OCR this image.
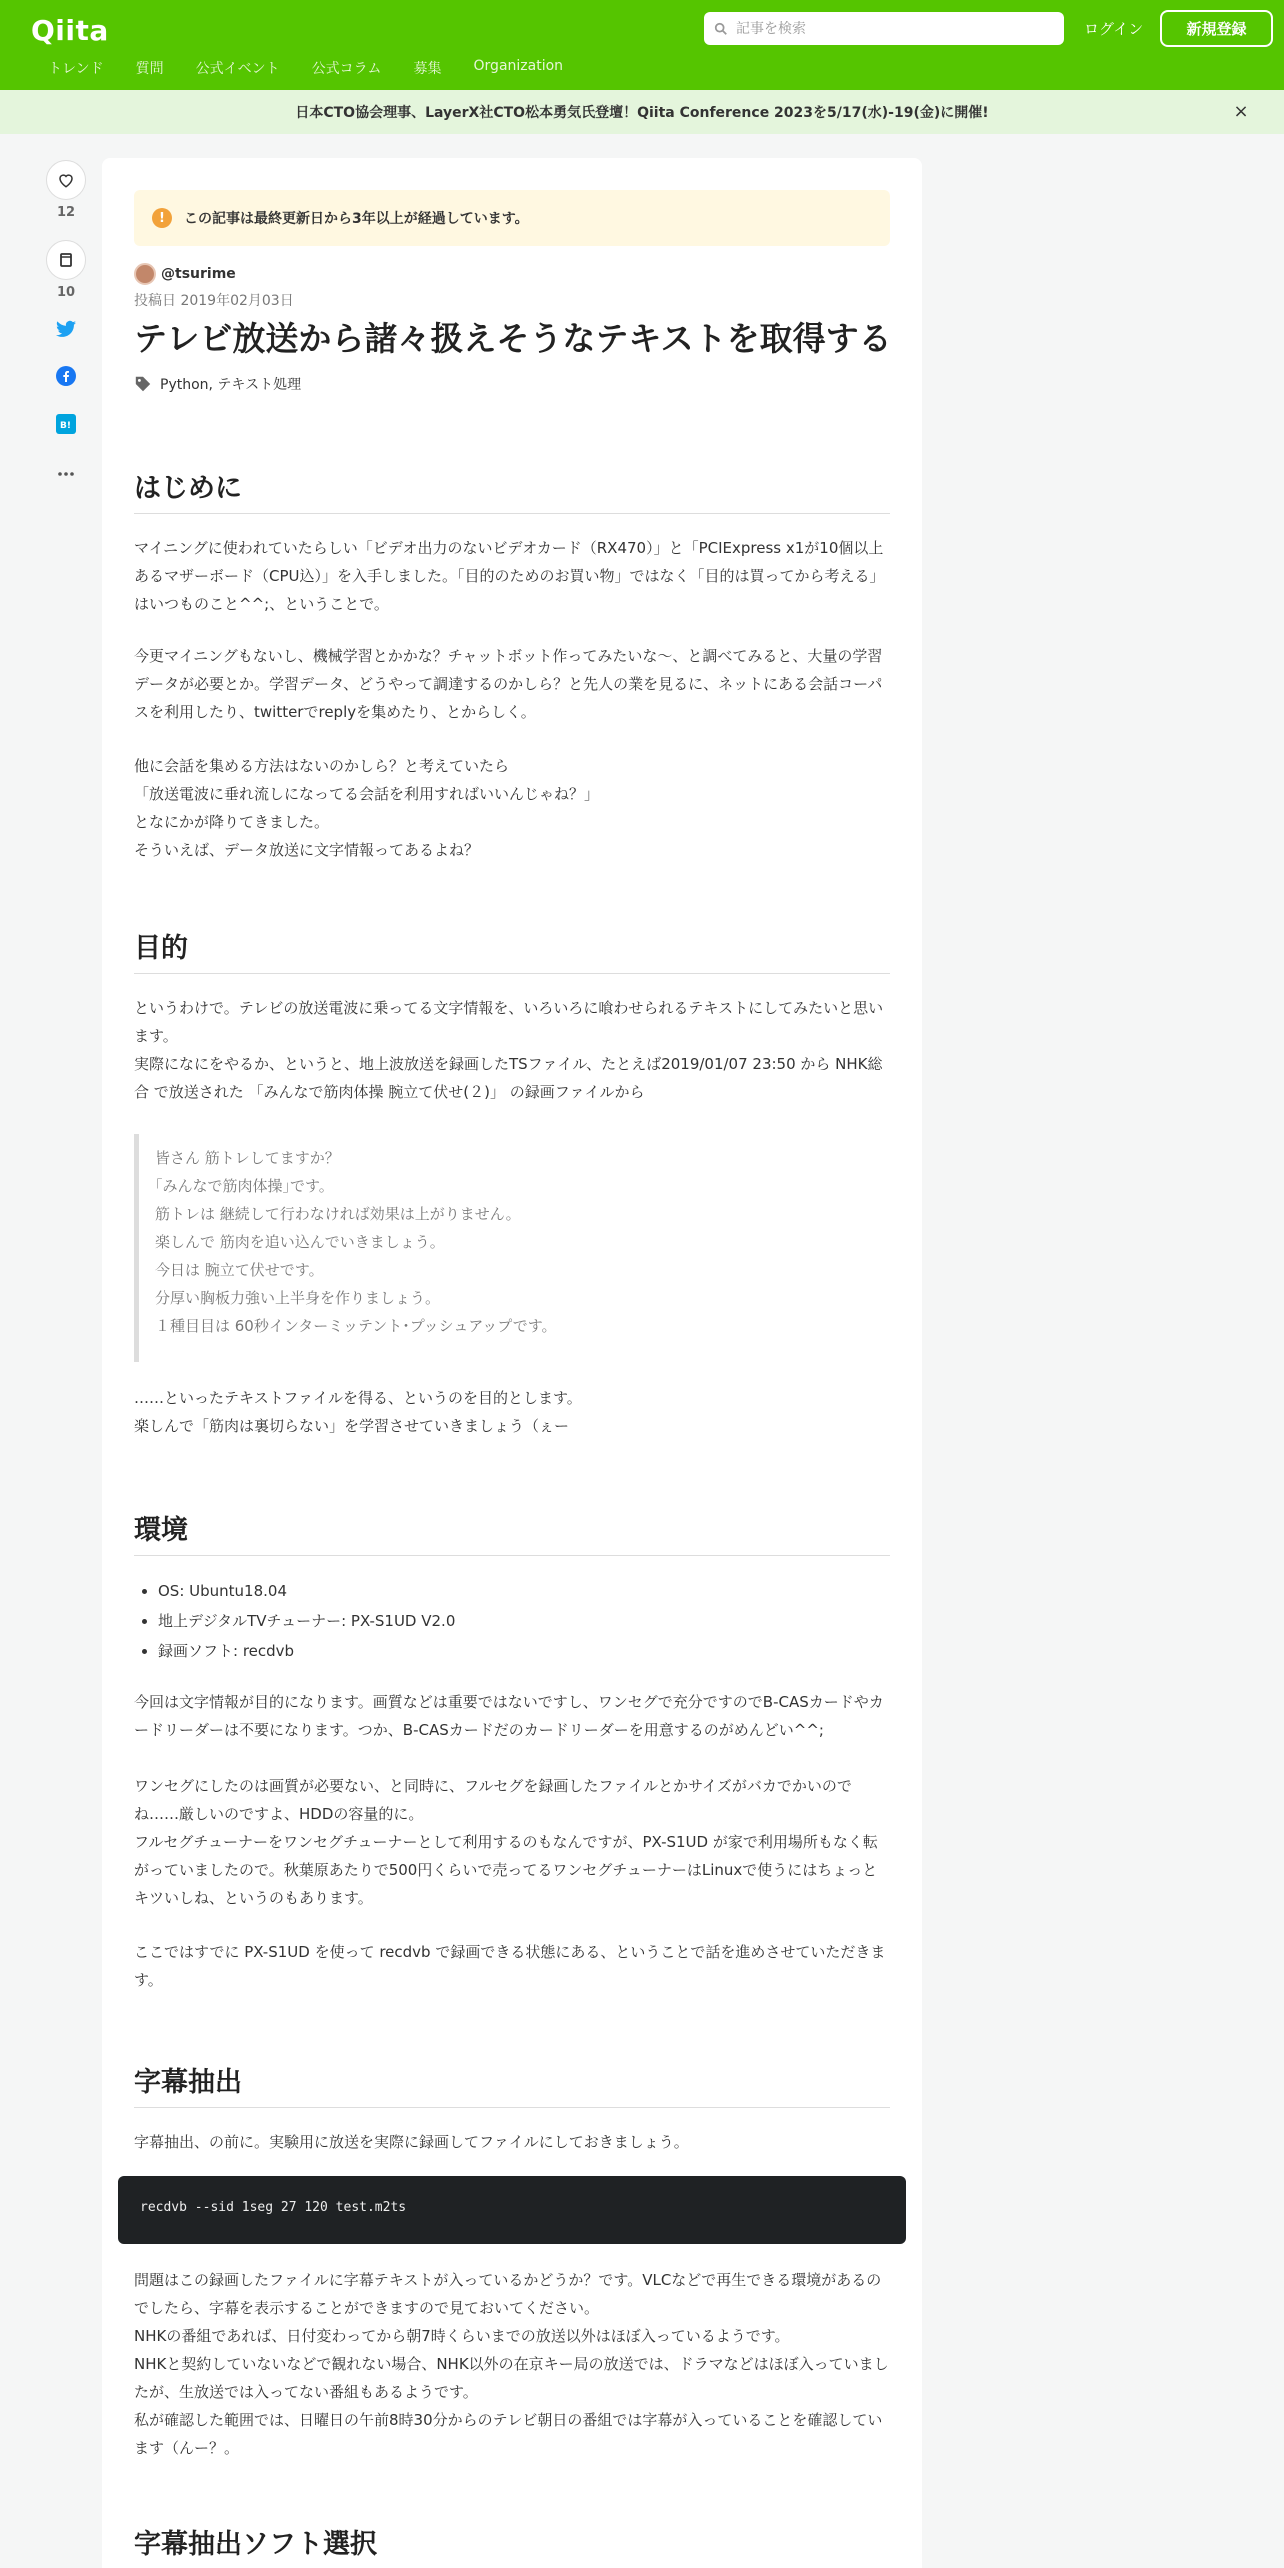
Qiita
記事を検索	ログイン	新規登録
トレンド 質問 公式イベント 公式コラム 募集 Organization
日本CTO協会理事、LayerX社CTO松本勇気氏登壇！Qiita Conference 2023を5/17(水)-19(金)に開催!	×
12
10
B!
!	この記事は最終更新日から3年以上が経過しています。
@tsurime
投稿日 2019年02月03日
テレビ放送から諸々扱えそうなテキストを取得する
Python, テキスト処理
はじめに
マイニングに使われていたらしい「ビデオ出力のないビデオカード（RX470）」と「PCIExpress x1が10個以上あるマザーボード（CPU込）」を入手しました。「目的のためのお買い物」ではなく「目的は買ってから考える」はいつものこと^^;、ということで。
今更マイニングもないし、機械学習とかかな？チャットボット作ってみたいな～、と調べてみると、大量の学習データが必要とか。学習データ、どうやって調達するのかしら？と先人の業を見るに、ネットにある会話コーパスを利用したり、twitterでreplyを集めたり、とからしく。
他に会話を集める方法はないのかしら？と考えていたら
「放送電波に垂れ流しになってる会話を利用すればいいんじゃね？」
となにかが降りてきました。
そういえば、データ放送に文字情報ってあるよね？
目的
というわけで。テレビの放送電波に乗ってる文字情報を、いろいろに喰わせられるテキストにしてみたいと思います。
実際になにをやるか、というと、地上波放送を録画したTSファイル、たとえば2019/01/07 23:50 から NHK総合 で放送された 「みんなで筋肉体操 腕立て伏せ(２)」 の録画ファイルから
皆さん 筋トレしてますか？
｢みんなで筋肉体操｣です。
筋トレは 継続して行わなければ効果は上がりません。
楽しんで 筋肉を追い込んでいきましょう。
今日は 腕立て伏せです。
分厚い胸板力強い上半身を作りましょう。
１種目目は 60秒インターミッテント･プッシュアップです。
……といったテキストファイルを得る、というのを目的とします。
楽しんで「筋肉は裏切らない」を学習させていきましょう（ぇー
環境
• OS: Ubuntu18.04
• 地上デジタルTVチューナー: PX-S1UD V2.0
• 録画ソフト: recdvb
今回は文字情報が目的になります。画質などは重要ではないですし、ワンセグで充分ですのでB-CASカードやカードリーダーは不要になります。つか、B-CASカードだのカードリーダーを用意するのがめんどい^^;
ワンセグにしたのは画質が必要ない、と同時に、フルセグを録画したファイルとかサイズがバカでかいのでね……厳しいのですよ、HDDの容量的に。
フルセグチューナーをワンセグチューナーとして利用するのもなんですが、PX-S1UD が家で利用場所もなく転がっていましたので。秋葉原あたりで500円くらいで売ってるワンセグチューナーはLinuxで使うにはちょっとキツいしね、というのもあります。
ここではすでに PX-S1UD を使って recdvb で録画できる状態にある、ということで話を進めさせていただきます。
字幕抽出
字幕抽出、の前に。実験用に放送を実際に録画してファイルにしておきましょう。
recdvb --sid 1seg 27 120 test.m2ts
問題はこの録画したファイルに字幕テキストが入っているかどうか？です。VLCなどで再生できる環境があるのでしたら、字幕を表示することができますので見ておいてください。
NHKの番組であれば、日付変わってから朝7時くらいまでの放送以外はほぼ入っているようです。
NHKと契約していないなどで観れない場合、NHK以外の在京キー局の放送では、ドラマなどはほぼ入っていましたが、生放送では入ってない番組もあるようです。
私が確認した範囲では、日曜日の午前8時30分からのテレビ朝日の番組では字幕が入っていることを確認しています（んー？。
字幕抽出ソフト選択
